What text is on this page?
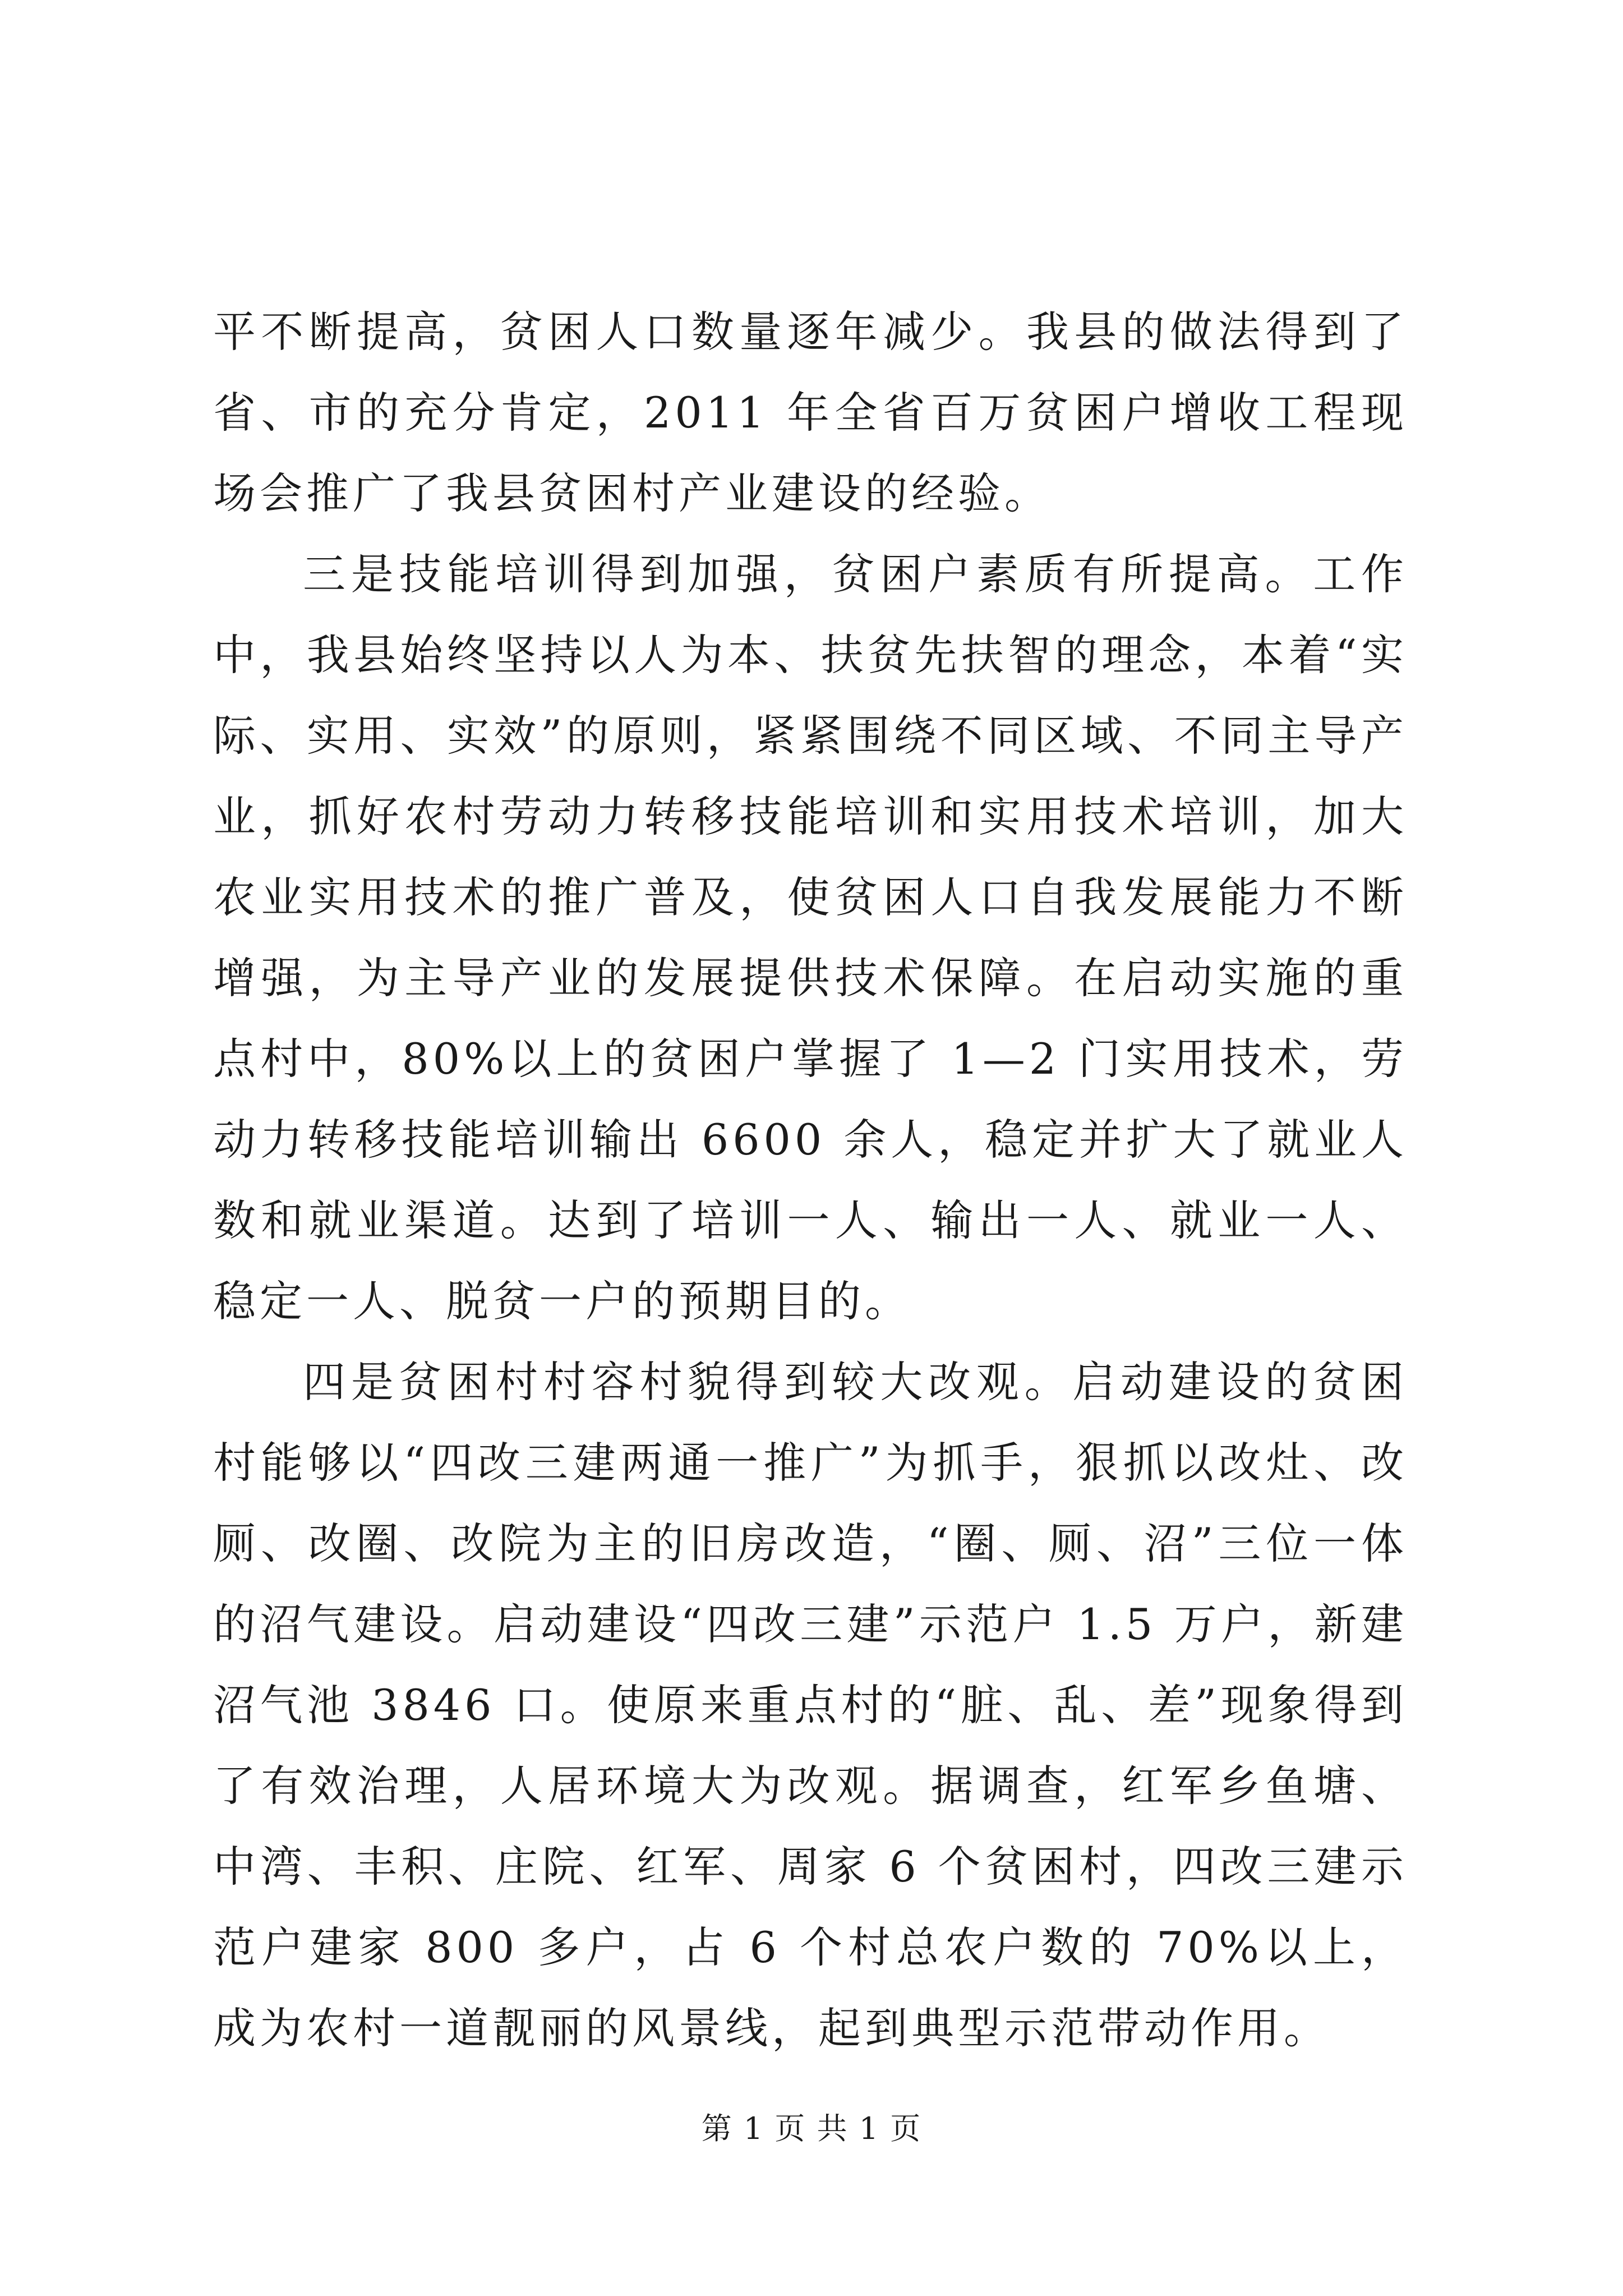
平不断提高，贫困人口数量逐年减少。我县的做法得到了省、市的充分肯定，2011 年全省百万贫困户增收工程现场会推广了我县贫困村产业建设的经验。

三是技能培训得到加强，贫困户素质有所提高。工作中，我县始终坚持以人为本、扶贫先扶智的理念，本着“实际、实用、实效”的原则，紧紧围绕不同区域、不同主导产业，抓好农村劳动力转移技能培训和实用技术培训，加大农业实用技术的推广普及，使贫困人口自我发展能力不断增强，为主导产业的发展提供技术保障。在启动实施的重点村中，80%以上的贫困户掌握了 1—2 门实用技术，劳动力转移技能培训输出 6600 余人，稳定并扩大了就业人数和就业渠道。达到了培训一人、输出一人、就业一人、稳定一人、脱贫一户的预期目的。

四是贫困村村容村貌得到较大改观。启动建设的贫困村能够以“四改三建两通一推广”为抓手，狠抓以改灶、改厕、改圈、改院为主的旧房改造，“圈、厕、沼”三位一体的沼气建设。启动建设“四改三建”示范户 1.5 万户，新建沼气池 3846 口。使原来重点村的“脏、乱、差”现象得到了有效治理，人居环境大为改观。据调查，红军乡鱼塘、中湾、丰积、庄院、红军、周家 6 个贫困村，四改三建示范户建家 800 多户，占 6 个村总农户数的 70%以上，成为农村一道靓丽的风景线，起到典型示范带动作用。

第 1 页 共 1 页
